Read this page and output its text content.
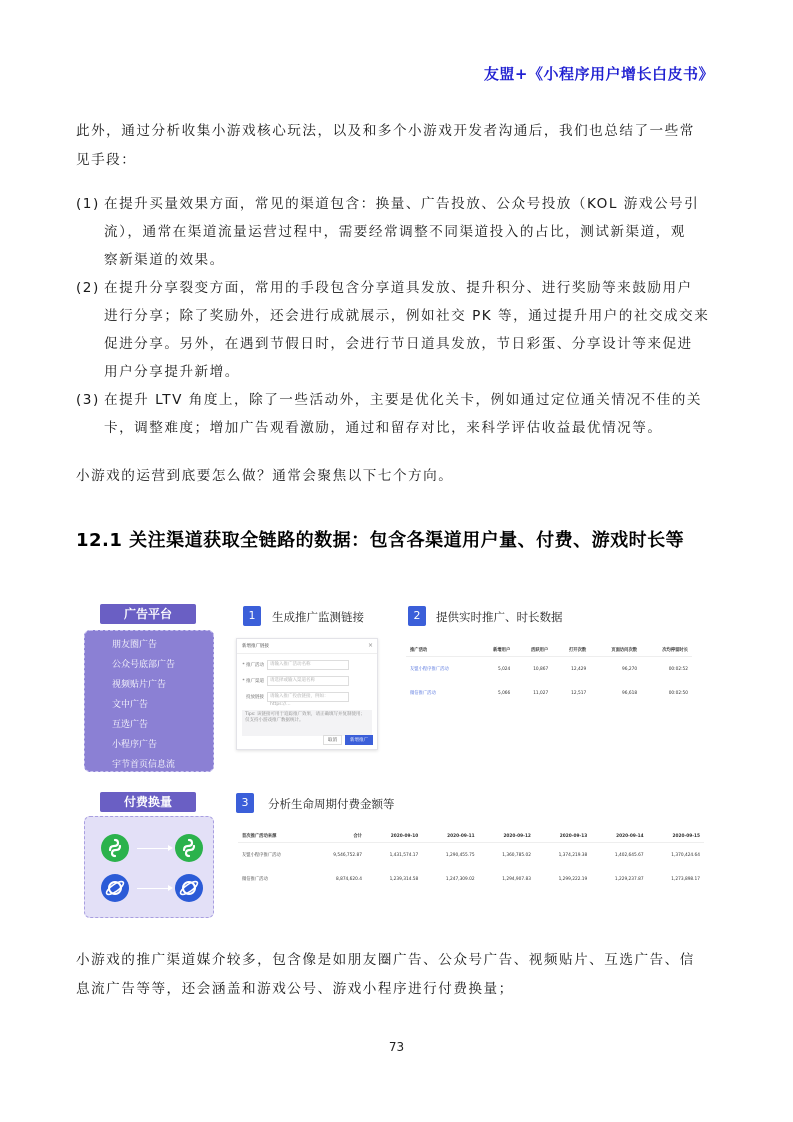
友盟+《小程序用户增长白皮书》
此外，通过分析收集小游戏核心玩法，以及和多个小游戏开发者沟通后，我们也总结了一些常
见手段：
(1) 在提升买量效果方面，常见的渠道包含：换量、广告投放、公众号投放（KOL 游戏公号引
流），通常在渠道流量运营过程中，需要经常调整不同渠道投入的占比，测试新渠道，观
察新渠道的效果。
(2) 在提升分享裂变方面，常用的手段包含分享道具发放、提升积分、进行奖励等来鼓励用户
进行分享；除了奖励外，还会进行成就展示，例如社交 PK 等，通过提升用户的社交成交来
促进分享。另外，在遇到节假日时，会进行节日道具发放，节日彩蛋、分享设计等来促进
用户分享提升新增。
(3) 在提升 LTV 角度上，除了一些活动外，主要是优化关卡，例如通过定位通关情况不佳的关
卡，调整难度；增加广告观看激励，通过和留存对比，来科学评估收益最优情况等。
小游戏的运营到底要怎么做？通常会聚焦以下七个方向。
12.1 关注渠道获取全链路的数据：包含各渠道用户量、付费、游戏时长等
广告平台
朋友圈广告
公众号底部广告
视频贴片广告
文中广告
互选广告
小程序广告
宇节首页信息流
1	生成推广监测链接
新增推广链接	×
* 推广活动	请输入推广活动名称
* 推广渠道	请选择或输入渠道名称
投放链接	请输入推广投放链接，例如：https://…
Tips: 该链接可用于追踪推广效果，请正确填写并复制使用；仅支持小游戏推广数据统计。
取消	新增推广
2	提供实时推广、时长数据
推广活动	新增用户	活跃用户	打开次数	页面访问次数	次均停留时长
友盟小程序推广活动	5,024	10,867	12,429	96,270	00:02:52
微信推广活动	5,066	11,027	12,517	96,618	00:02:50
付费换量	3	分析生命周期付费金额等
首次推广活动来源	合计	2020-09-10	2020-09-11	2020-09-12	2020-09-13	2020-09-14	2020-09-15
友盟小程序推广活动	9,546,752.87	1,431,574.17	1,290,455.75	1,360,785.02	1,374,219.38	1,402,645.67	1,370,424.64
微信推广活动	8,874,620.4	1,239,314.58	1,247,309.02	1,294,907.83	1,299,222.19	1,229,237.87	1,273,898.17
小游戏的推广渠道媒介较多，包含像是如朋友圈广告、公众号广告、视频贴片、互选广告、信
息流广告等等，还会涵盖和游戏公号、游戏小程序进行付费换量；
73
